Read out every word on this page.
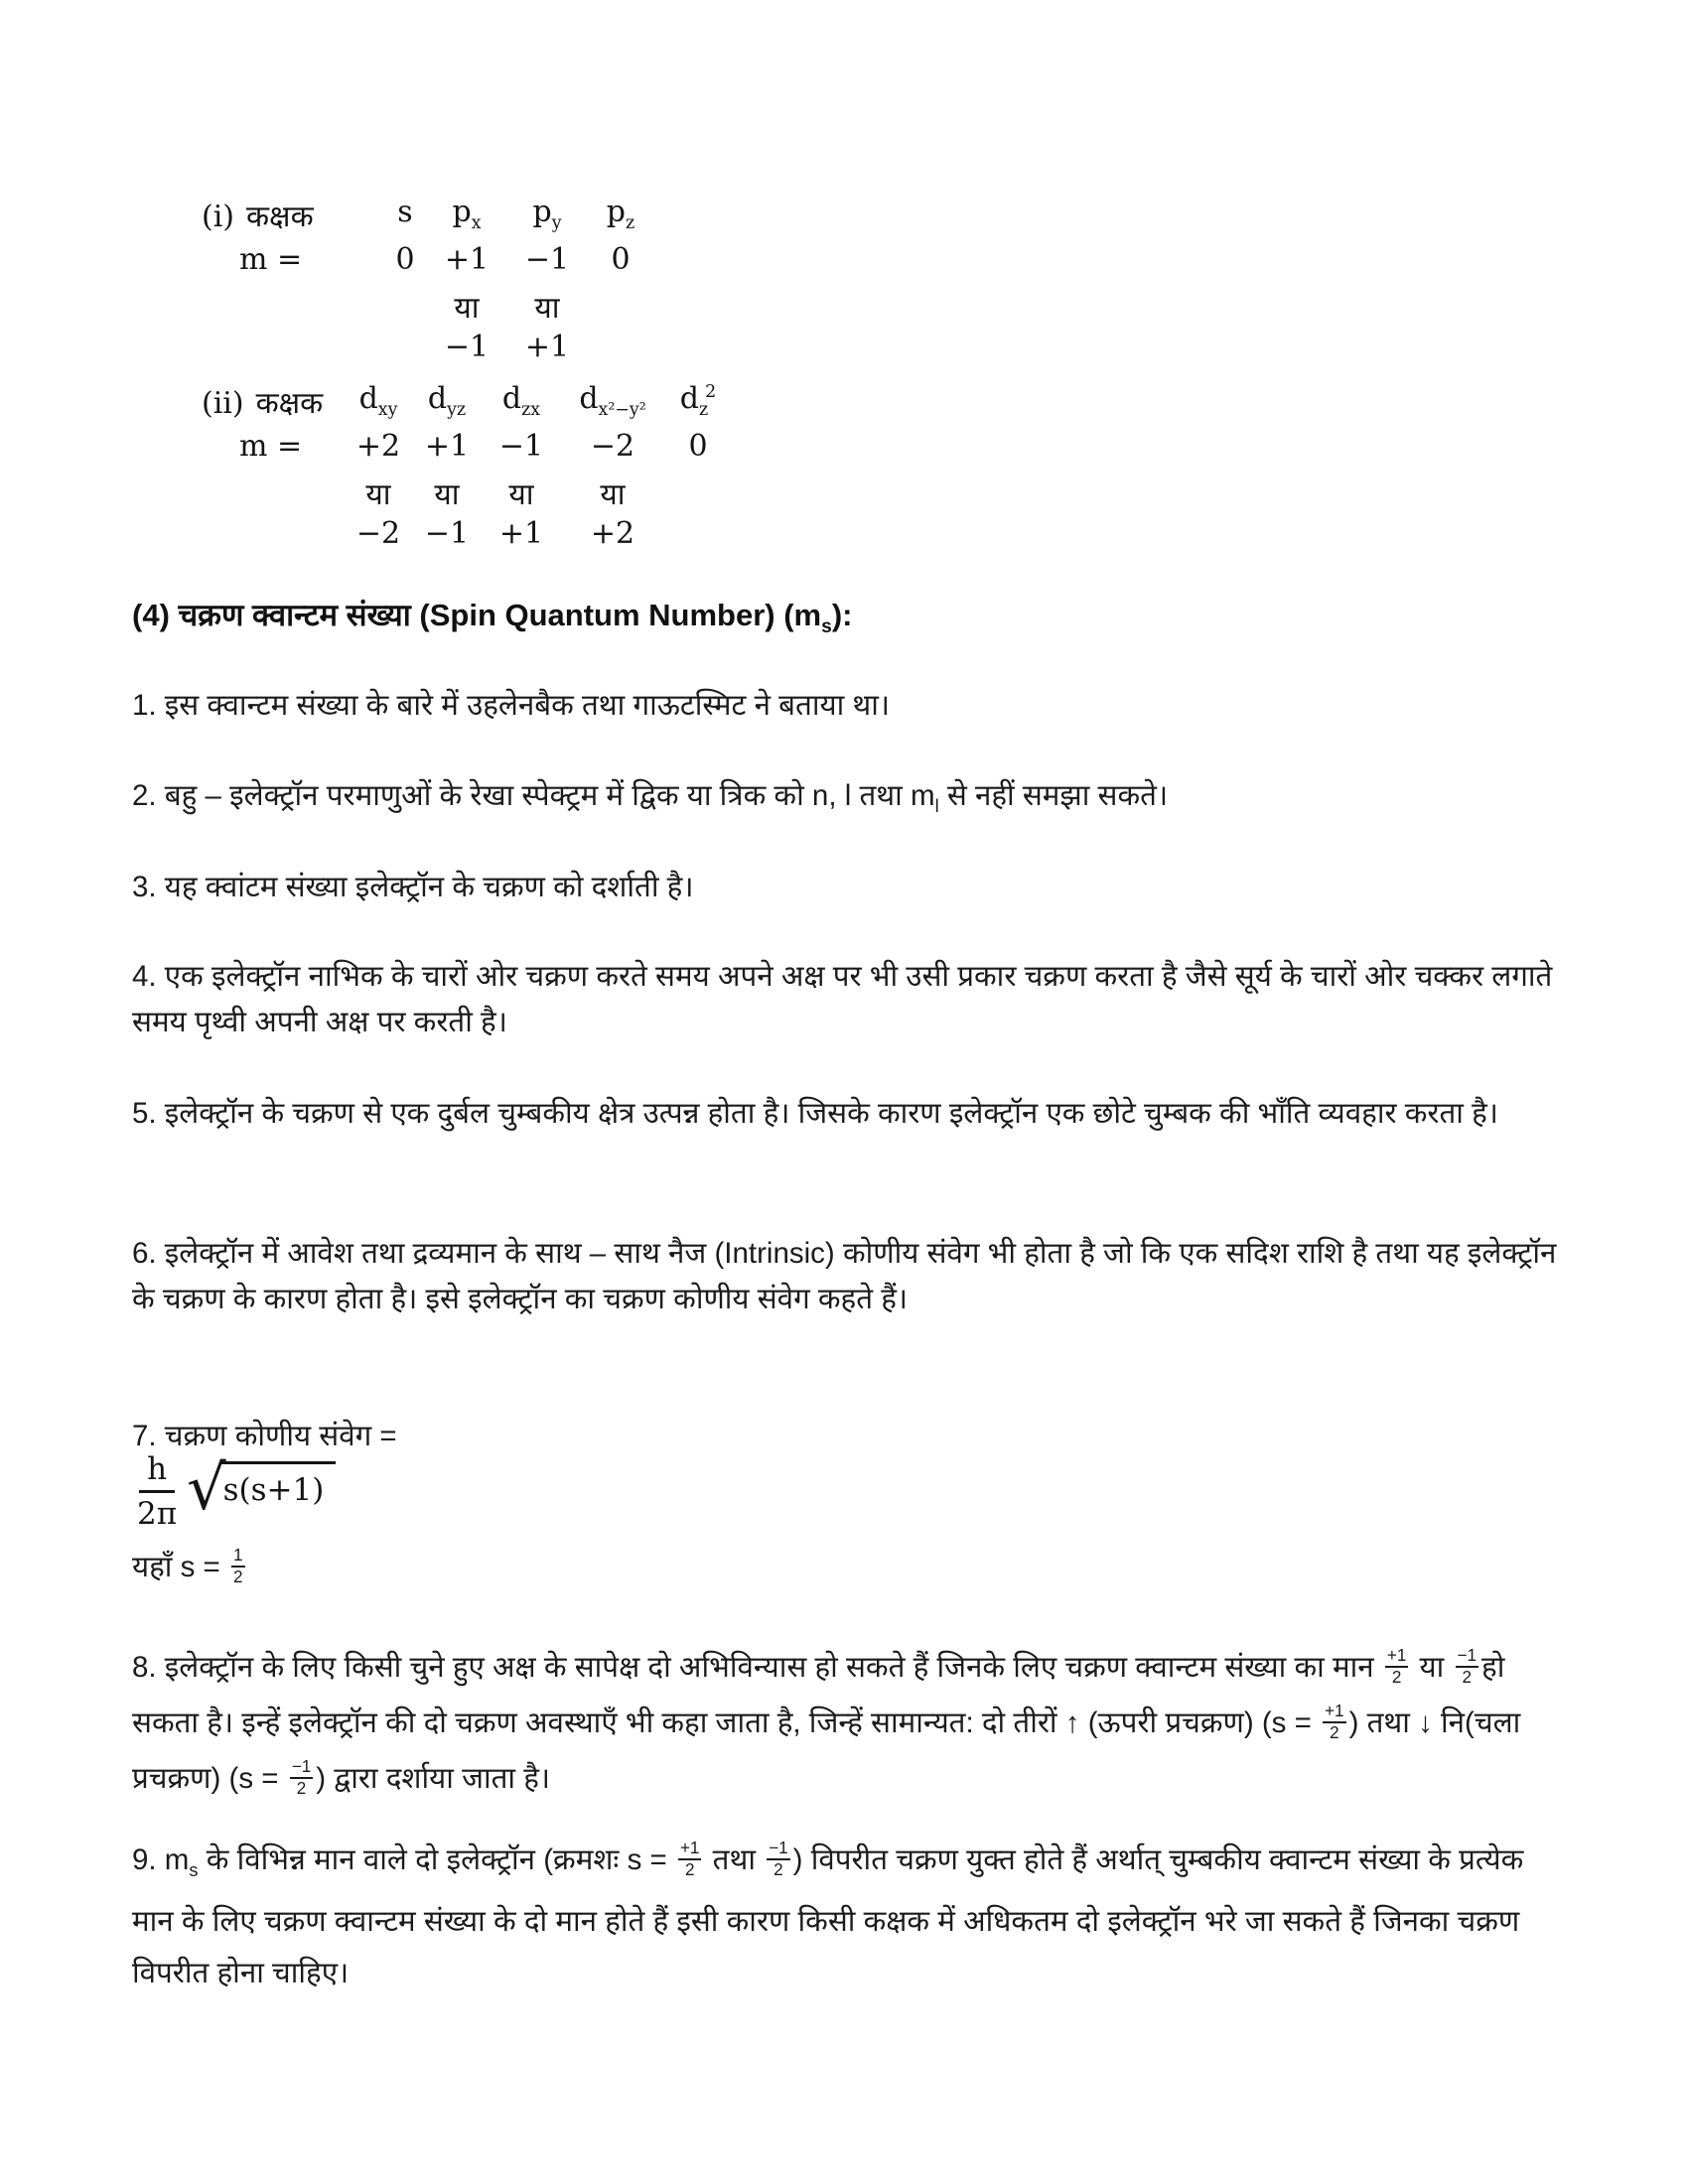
(i) कक्षक
m =
s
0
$p_x$
+1
या
−1
$p_y$
−1
या
+1
$p_z$
0
(ii) कक्षक
m =
$d_{xy}$
+2
या
−2
$d_{yz}$
+1
या
−1
$d_{zx}$
−1
या
+1
$d_{x^2-y^2}$
−2
या
+2
$d_z^2$
0
(4) चक्रण क्वान्टम संख्या (Spin Quantum Number) $(m_s)$:

1. इस क्वान्टम संख्या के बारे में उहलेनबैक तथा गाऊटस्मिट ने बताया था।

2. बहु – इलेक्ट्रॉन परमाणुओं के रेखा स्पेक्ट्रम में द्विक या त्रिक को n, l तथा $m_l$ से नहीं समझा सकते।

3. यह क्वांटम संख्या इलेक्ट्रॉन के चक्रण को दर्शाती है।

4. एक इलेक्ट्रॉन नाभिक के चारों ओर चक्रण करते समय अपने अक्ष पर भी उसी प्रकार चक्रण करता है जैसे सूर्य के चारों ओर चक्कर लगाते समय पृथ्वी अपनी अक्ष पर करती है।

5. इलेक्ट्रॉन के चक्रण से एक दुर्बल चुम्बकीय क्षेत्र उत्पन्न होता है। जिसके कारण इलेक्ट्रॉन एक छोटे चुम्बक की भाँति व्यवहार करता है।

6. इलेक्ट्रॉन में आवेश तथा द्रव्यमान के साथ – साथ नैज (Intrinsic) कोणीय संवेग भी होता है जो कि एक सदिश राशि है तथा यह इलेक्ट्रॉन के चक्रण के कारण होता है। इसे इलेक्ट्रॉन का चक्रण कोणीय संवेग कहते हैं।

7. चक्रण कोणीय संवेग =

$\frac{h}{2\pi}$ √
s(s+1)

यहाँ $s = \frac{1}{2}$

8. इलेक्ट्रॉन के लिए किसी चुने हुए अक्ष के सापेक्ष दो अभिविन्यास हो सकते हैं जिनके लिए चक्रण क्वान्टम संख्या का मान $\frac{+1}{2}$ या $\frac{-1}{2}$ हो सकता है। इन्हें इलेक्ट्रॉन की दो चक्रण अवस्थाएँ भी कहा जाता है, जिन्हें सामान्यत: दो तीरों ↑ (ऊपरी प्रचक्रण) ($s = \frac{+1}{2}$ ) तथा ↓ नि(चला प्रचक्रण) ($s = \frac{-1}{2}$ ) द्वारा दर्शाया जाता है।

9. $m_s$ के विभिन्न मान वाले दो इलेक्ट्रॉन (क्रमशः $s = \frac{+1}{2}$ तथा $\frac{-1}{2}$ ) विपरीत चक्रण युक्त होते हैं अर्थात् चुम्बकीय क्वान्टम संख्या के प्रत्येक मान के लिए चक्रण क्वान्टम संख्या के दो मान होते हैं इसी कारण किसी कक्षक में अधिकतम दो इलेक्ट्रॉन भरे जा सकते हैं जिनका चक्रण विपरीत होना चाहिए।
